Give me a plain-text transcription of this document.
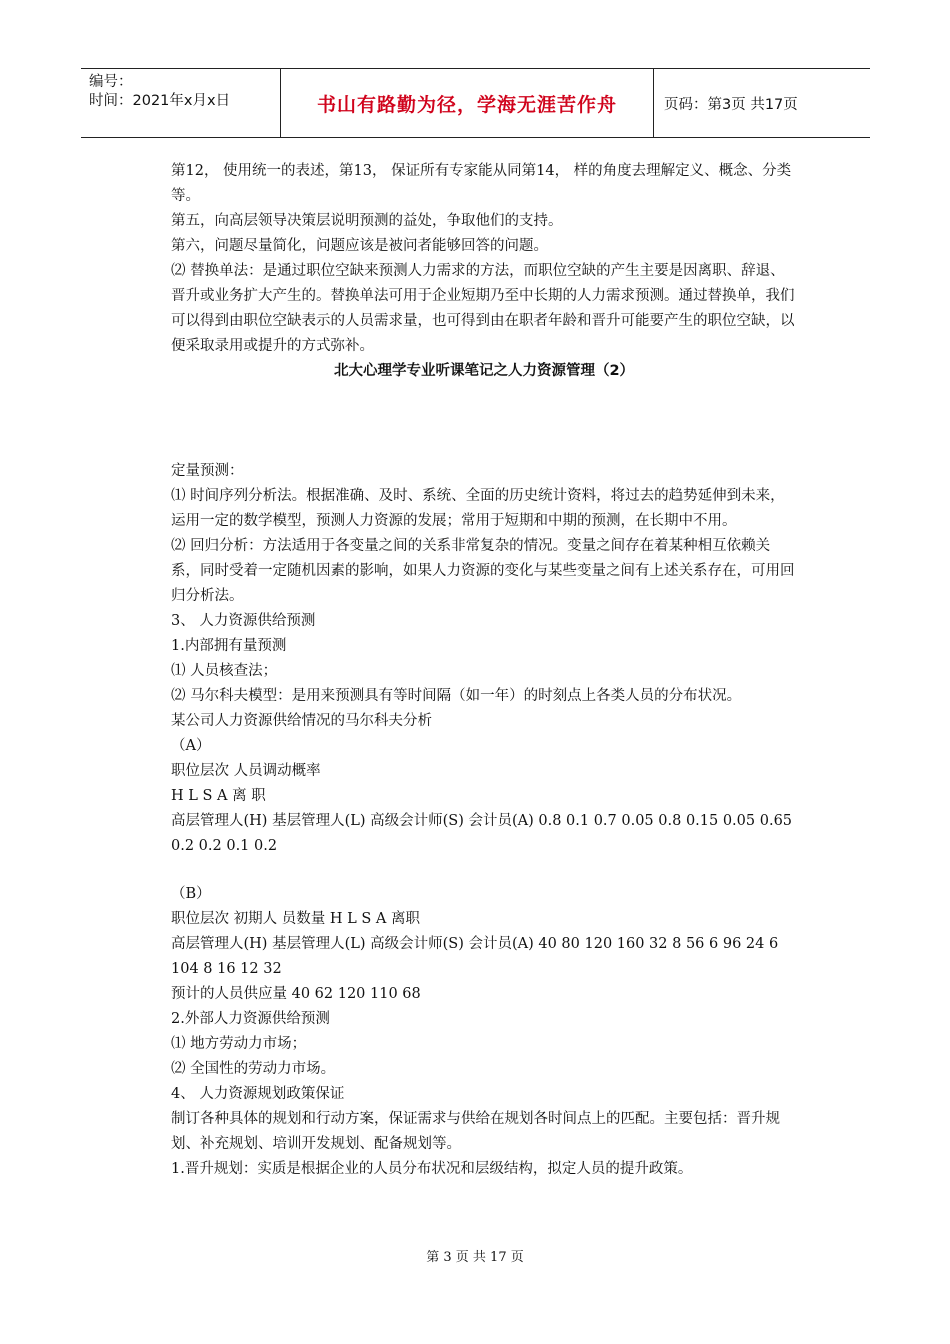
编号：
时间：2021年x月x日	书山有路勤为径，学海无涯苦作舟	页码：第3页 共17页

第12， 使用统一的表述，第13， 保证所有专家能从同第14， 样的角度去理解定义、概念、分类等。

第五，向高层领导决策层说明预测的益处，争取他们的支持。

第六，问题尽量简化，问题应该是被问者能够回答的问题。

⑵ 替换单法：是通过职位空缺来预测人力需求的方法，而职位空缺的产生主要是因离职、辞退、晋升或业务扩大产生的。替换单法可用于企业短期乃至中长期的人力需求预测。通过替换单，我们可以得到由职位空缺表示的人员需求量，也可得到由在职者年龄和晋升可能要产生的职位空缺，以便采取录用或提升的方式弥补。

北大心理学专业听课笔记之人力资源管理（2）

定量预测：

⑴ 时间序列分析法。根据准确、及时、系统、全面的历史统计资料，将过去的趋势延伸到未来，运用一定的数学模型，预测人力资源的发展；常用于短期和中期的预测，在长期中不用。

⑵ 回归分析：方法适用于各变量之间的关系非常复杂的情况。变量之间存在着某种相互依赖关系，同时受着一定随机因素的影响，如果人力资源的变化与某些变量之间有上述关系存在，可用回归分析法。

3、 人力资源供给预测

1.内部拥有量预测

⑴ 人员核查法；

⑵ 马尔科夫模型：是用来预测具有等时间隔（如一年）的时刻点上各类人员的分布状况。

某公司人力资源供给情况的马尔科夫分析

（A）

职位层次 人员调动概率

H L S A 离 职

高层管理人(H) 基层管理人(L) 高级会计师(S) 会计员(A) 0.8 0.1 0.7 0.05 0.8 0.15 0.05 0.65 0.2 0.2 0.1 0.2

（B）

职位层次 初期人 员数量 H L S A 离职

高层管理人(H) 基层管理人(L) 高级会计师(S) 会计员(A) 40 80 120 160 32 8 56 6 96 24 6 104 8 16 12 32

预计的人员供应量 40 62 120 110 68

2.外部人力资源供给预测

⑴ 地方劳动力市场；

⑵ 全国性的劳动力市场。

4、 人力资源规划政策保证

制订各种具体的规划和行动方案，保证需求与供给在规划各时间点上的匹配。主要包括：晋升规划、补充规划、培训开发规划、配备规划等。

1.晋升规划：实质是根据企业的人员分布状况和层级结构，拟定人员的提升政策。

第 3 页 共 17 页
